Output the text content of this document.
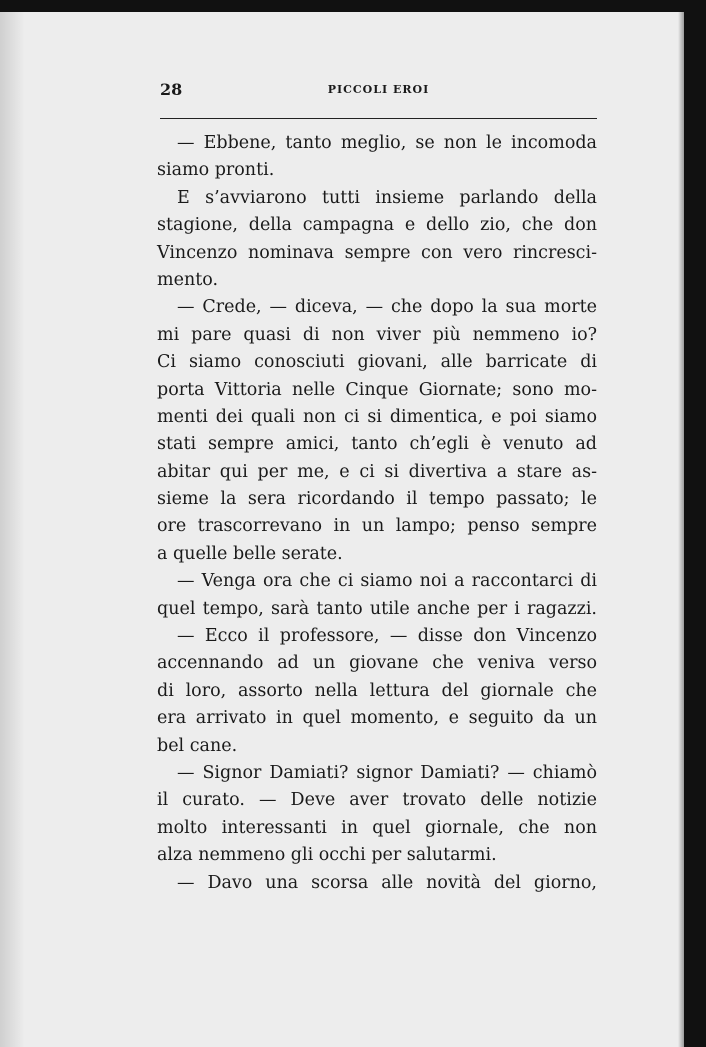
28	PICCOLI EROI
— Ebbene, tanto meglio, se non le incomoda
siamo pronti.
E s’avviarono tutti insieme parlando della
stagione, della campagna e dello zio, che don
Vincenzo nominava sempre con vero rincresci-
mento.
— Crede, — diceva, — che dopo la sua morte
mi pare quasi di non viver più nemmeno io?
Ci siamo conosciuti giovani, alle barricate di
porta Vittoria nelle Cinque Giornate; sono mo-
menti dei quali non ci si dimentica, e poi siamo
stati sempre amici, tanto ch’egli è venuto ad
abitar qui per me, e ci si divertiva a stare as-
sieme la sera ricordando il tempo passato; le
ore trascorrevano in un lampo; penso sempre
a quelle belle serate.
— Venga ora che ci siamo noi a raccontarci di
quel tempo, sarà tanto utile anche per i ragazzi.
— Ecco il professore, — disse don Vincenzo
accennando ad un giovane che veniva verso
di loro, assorto nella lettura del giornale che
era arrivato in quel momento, e seguito da un
bel cane.
— Signor Damiati? signor Damiati? — chiamò
il curato. — Deve aver trovato delle notizie
molto interessanti in quel giornale, che non
alza nemmeno gli occhi per salutarmi.
— Davo una scorsa alle novità del giorno,
